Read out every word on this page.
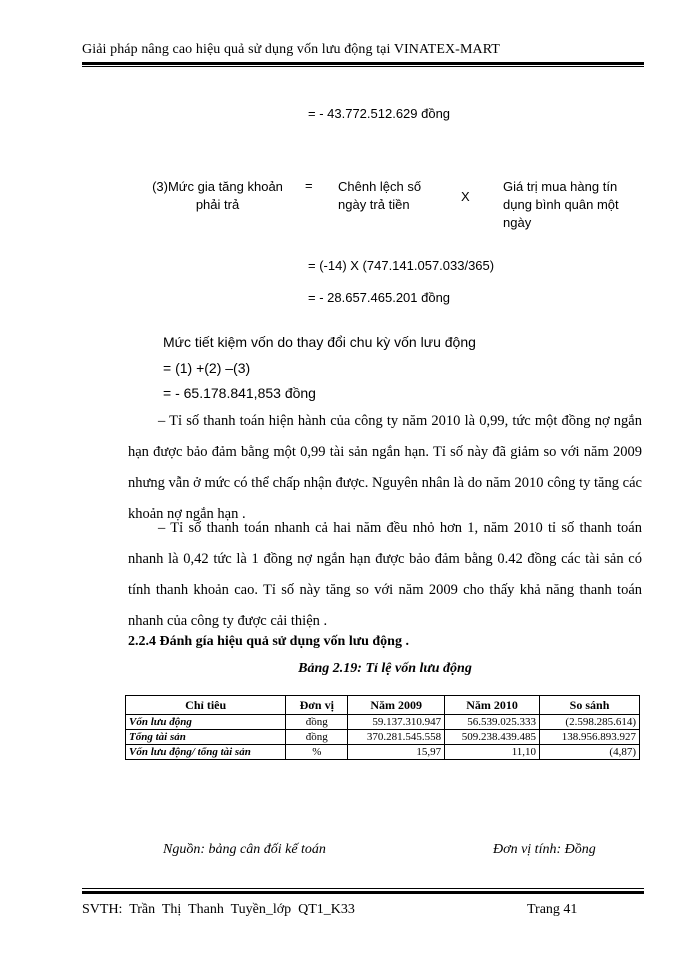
Giải pháp nâng cao hiệu quả sử dụng vốn lưu động tại VINATEX-MART
= - 43.772.512.629 đồng
(3)Mức gia tăng khoản
phải trả
= Chênh lệch số
ngày trả tiền
X
Giá trị mua hàng tín
dụng bình quân một
ngày
= (-14) X (747.141.057.033/365)
= - 28.657.465.201 đồng
Mức tiết kiệm vốn do thay đổi chu kỳ vốn lưu động
= (1) +(2) –(3)
= - 65.178.841,853 đồng
– Tỉ số thanh toán hiện hành của công ty năm 2010 là 0,99, tức một đồng nợ ngắn hạn được bảo đảm bằng một 0,99 tài sản ngắn hạn. Tỉ số này đã giảm so với năm 2009 nhưng vẫn ở mức có thể chấp nhận được. Nguyên nhân là do năm 2010 công ty tăng các khoản nợ ngắn hạn .
– Tỉ số thanh toán nhanh cả hai năm đều nhỏ hơn 1, năm 2010 tỉ số thanh toán nhanh là 0,42 tức là 1 đồng nợ ngắn hạn được bảo đảm bằng 0.42 đồng các tài sản có tính thanh khoản cao. Tỉ số này tăng so với năm 2009 cho thấy khả năng thanh toán nhanh của công ty được cải thiện .
2.2.4 Đánh gía hiệu quả sử dụng vốn lưu động .
Bảng 2.19: Tỉ lệ vốn lưu động
Chỉ tiêu	Đơn vị	Năm 2009	Năm 2010	So sánh
Vốn lưu động	đồng	59.137.310.947	56.539.025.333	(2.598.285.614)
Tổng tài sản	đồng	370.281.545.558	509.238.439.485	138.956.893.927
Vốn lưu động/ tổng tài sản	%	15,97	11,10	(4,87)
Nguồn: bảng cân đối kế toán	Đơn vị tính: Đồng
SVTH:  Trần  Thị  Thanh  Tuyền_lớp  QT1_K33	Trang 41
